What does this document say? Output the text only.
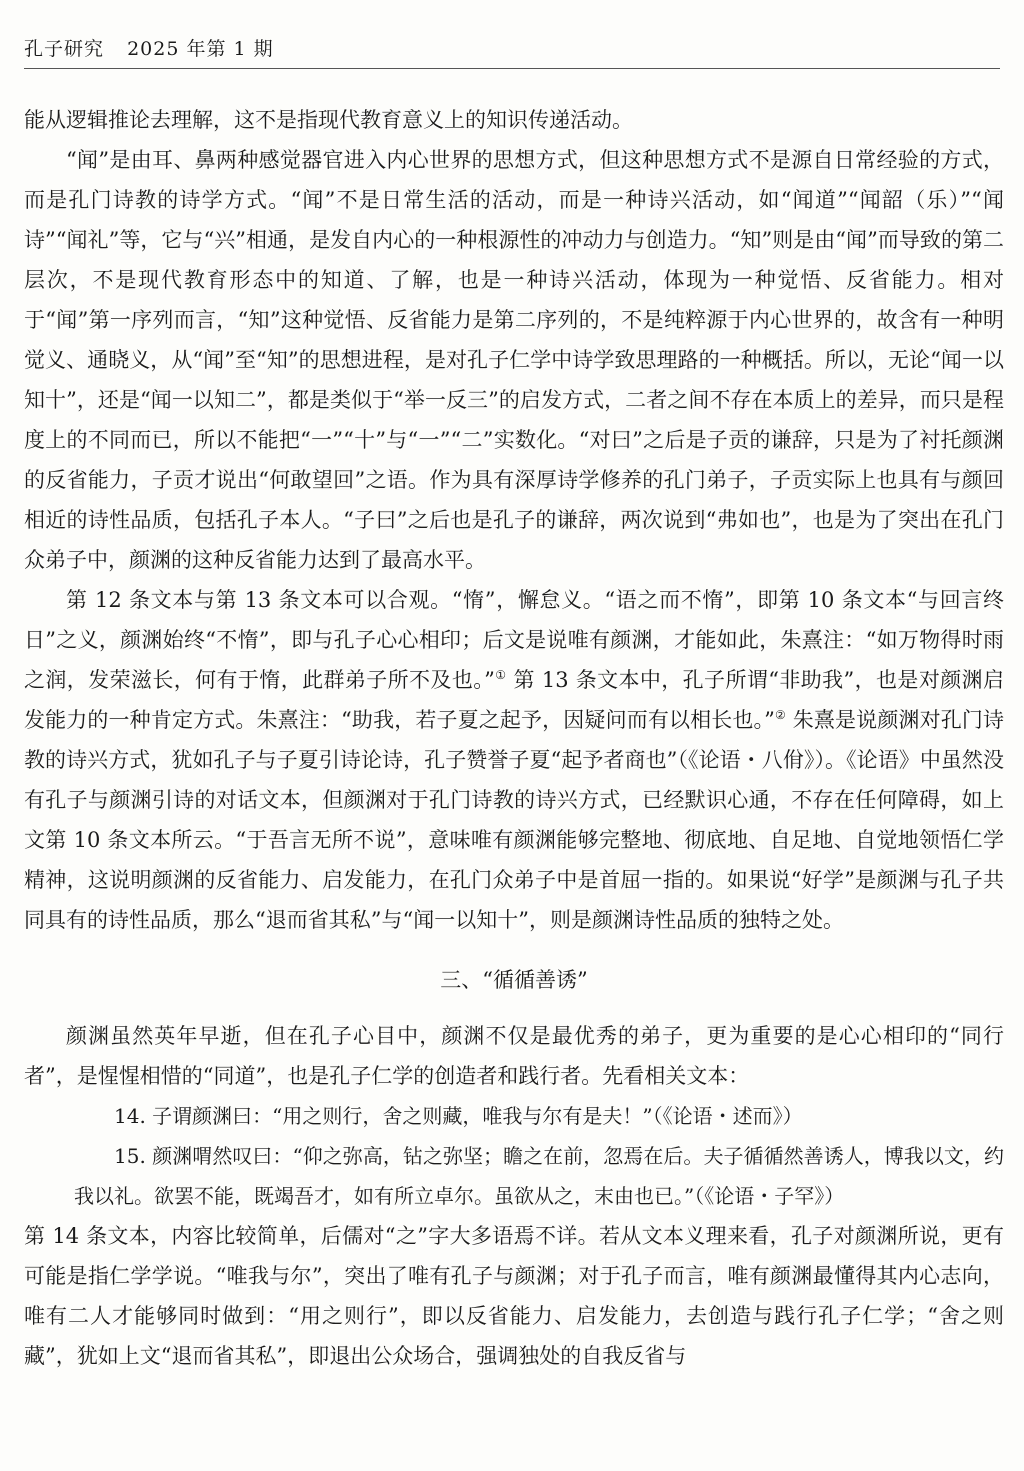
孔子研究 2025 年第 1 期

能从逻辑推论去理解，这不是指现代教育意义上的知识传递活动。

“闻”是由耳、鼻两种感觉器官进入内心世界的思想方式，但这种思想方式不是源自日常经验的方式，而是孔门诗教的诗学方式。“闻”不是日常生活的活动，而是一种诗兴活动，如“闻道”“闻韶（乐）”“闻诗”“闻礼”等，它与“兴”相通，是发自内心的一种根源性的冲动力与创造力。“知”则是由“闻”而导致的第二层次，不是现代教育形态中的知道、了解，也是一种诗兴活动，体现为一种觉悟、反省能力。相对于“闻”第一序列而言，“知”这种觉悟、反省能力是第二序列的，不是纯粹源于内心世界的，故含有一种明觉义、通晓义，从“闻”至“知”的思想进程，是对孔子仁学中诗学致思理路的一种概括。所以，无论“闻一以知十”，还是“闻一以知二”，都是类似于“举一反三”的启发方式，二者之间不存在本质上的差异，而只是程度上的不同而已，所以不能把“一”“十”与“一”“二”实数化。“对曰”之后是子贡的谦辞，只是为了衬托颜渊的反省能力，子贡才说出“何敢望回”之语。作为具有深厚诗学修养的孔门弟子，子贡实际上也具有与颜回相近的诗性品质，包括孔子本人。“子曰”之后也是孔子的谦辞，两次说到“弗如也”，也是为了突出在孔门众弟子中，颜渊的这种反省能力达到了最高水平。

第 12 条文本与第 13 条文本可以合观。“惰”，懈怠义。“语之而不惰”，即第 10 条文本“与回言终日”之义，颜渊始终“不惰”，即与孔子心心相印；后文是说唯有颜渊，才能如此，朱熹注：“如万物得时雨之润，发荣滋长，何有于惰，此群弟子所不及也。”① 第 13 条文本中，孔子所谓“非助我”，也是对颜渊启发能力的一种肯定方式。朱熹注：“助我，若子夏之起予，因疑问而有以相长也。”② 朱熹是说颜渊对孔门诗教的诗兴方式，犹如孔子与子夏引诗论诗，孔子赞誉子夏“起予者商也”（《论语・八佾》）。《论语》中虽然没有孔子与颜渊引诗的对话文本，但颜渊对于孔门诗教的诗兴方式，已经默识心通，不存在任何障碍，如上文第 10 条文本所云。“于吾言无所不说”，意味唯有颜渊能够完整地、彻底地、自足地、自觉地领悟仁学精神，这说明颜渊的反省能力、启发能力，在孔门众弟子中是首屈一指的。如果说“好学”是颜渊与孔子共同具有的诗性品质，那么“退而省其私”与“闻一以知十”，则是颜渊诗性品质的独特之处。

三、“循循善诱”

颜渊虽然英年早逝，但在孔子心目中，颜渊不仅是最优秀的弟子，更为重要的是心心相印的“同行者”，是惺惺相惜的“同道”，也是孔子仁学的创造者和践行者。先看相关文本：

14. 子谓颜渊曰：“用之则行，舍之则藏，唯我与尔有是夫！”（《论语・述而》）

15. 颜渊喟然叹曰：“仰之弥高，钻之弥坚；瞻之在前，忽焉在后。夫子循循然善诱人，博我以文，约我以礼。欲罢不能，既竭吾才，如有所立卓尔。虽欲从之，末由也已。”（《论语・子罕》）

第 14 条文本，内容比较简单，后儒对“之”字大多语焉不详。若从文本义理来看，孔子对颜渊所说，更有可能是指仁学学说。“唯我与尔”，突出了唯有孔子与颜渊；对于孔子而言，唯有颜渊最懂得其内心志向，唯有二人才能够同时做到：“用之则行”，即以反省能力、启发能力，去创造与践行孔子仁学；“舍之则藏”，犹如上文“退而省其私”，即退出公众场合，强调独处的自我反省与
